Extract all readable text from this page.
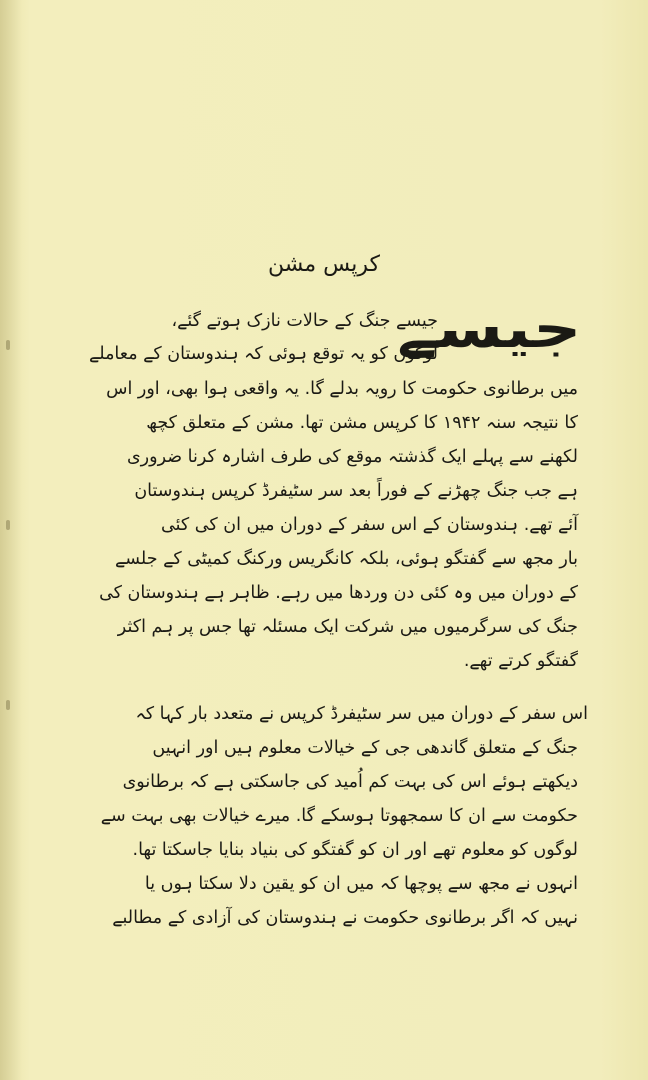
کرپس مشن
جیسے
جیسے جنگ کے حالات نازک ہوتے گئے،
لوگوں کو یہ توقع ہوئی کہ ہندوستان کے معاملے
میں برطانوی حکومت کا رویہ بدلے گا. یہ واقعی ہوا بھی، اور اس
کا نتیجہ سنہ ۱۹۴۲ کا کرپس مشن تھا. مشن کے متعلق کچھ
لکھنے سے پہلے ایک گذشتہ موقع کی طرف اشارہ کرنا ضروری
ہے جب جنگ چھڑنے کے فوراً بعد سر سٹیفرڈ کرپس ہندوستان
آئے تھے. ہندوستان کے اس سفر کے دوران میں ان کی کئی
بار مجھ سے گفتگو ہوئی، بلکہ کانگریس ورکنگ کمیٹی کے جلسے
کے دوران میں وہ کئی دن وردھا میں رہے. ظاہر ہے ہندوستان کی
جنگ کی سرگرمیوں میں شرکت ایک مسئلہ تھا جس پر ہم اکثر
گفتگو کرتے تھے.
اس سفر کے دوران میں سر سٹیفرڈ کرپس نے متعدد بار کہا کہ
جنگ کے متعلق گاندھی جی کے خیالات معلوم ہیں اور انہیں
دیکھتے ہوئے اس کی بہت کم اُمید کی جاسکتی ہے کہ برطانوی
حکومت سے ان کا سمجھوتا ہوسکے گا. میرے خیالات بھی بہت سے
لوگوں کو معلوم تھے اور ان کو گفتگو کی بنیاد بنایا جاسکتا تھا.
انہوں نے مجھ سے پوچھا کہ میں ان کو یقین دلا سکتا ہوں یا
نہیں کہ اگر برطانوی حکومت نے ہندوستان کی آزادی کے مطالبے
